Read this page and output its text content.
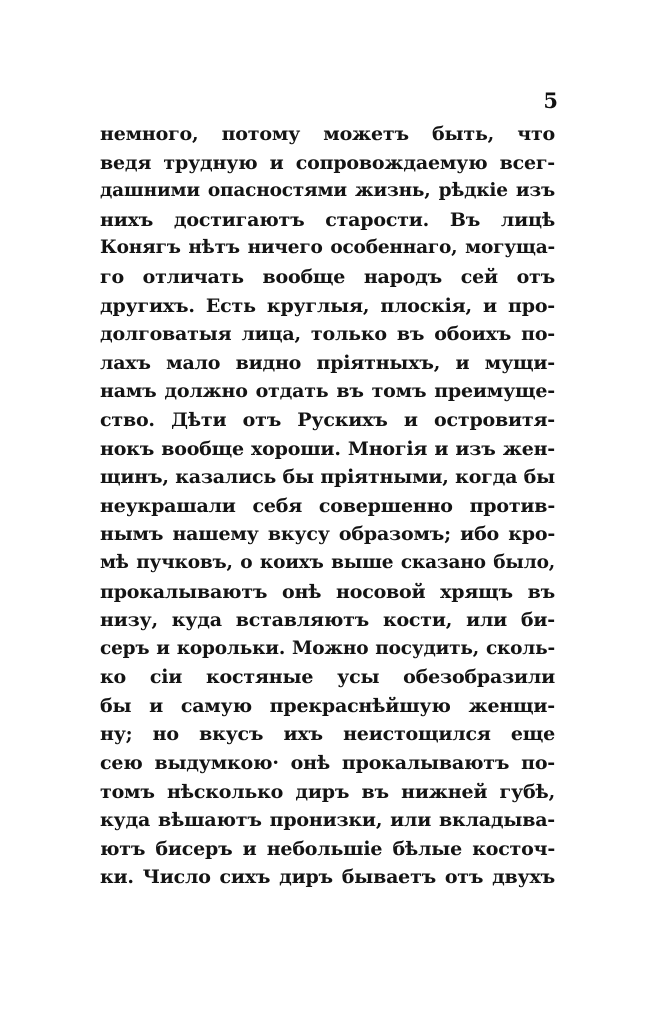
5
немного, потому можетъ быть, что
ведя трудную и сопровождаемую всег-
дашними опасностями жизнь, рѣдкіе изъ
нихъ достигаютъ старости. Въ лицѣ
Конягъ нѣтъ ничего особеннаго, могуща-
го отличать вообще народъ сей отъ
другихъ. Есть круглыя, плоскія, и про-
долговатыя лица, только въ обоихъ по-
лахъ мало видно пріятныхъ, и мущи-
намъ должно отдать въ томъ преимуще-
ство. Дѣти отъ Рускихъ и островитя-
нокъ вообще хороши. Многія и изъ жен-
щинъ, казались бы пріятными, когда бы
неукрашали себя совершенно против-
нымъ нашему вкусу образомъ; ибо кро-
мѣ пучковъ, о коихъ выше сказано было,
прокалываютъ онѣ носовой хрящъ въ
низу, куда вставляютъ кости, или би-
серъ и корольки. Можно посудить, сколь-
ко сіи костяные усы обезобразили
бы и самую прекраснѣйшую женщи-
ну; но вкусъ ихъ неистощился еще
сею выдумкою· онѣ прокалываютъ по-
томъ нѣсколько диръ въ нижней губѣ,
куда вѣшаютъ пронизки, или вкладыва-
ютъ бисеръ и небольшіе бѣлые косточ-
ки. Число сихъ диръ бываетъ отъ двухъ
